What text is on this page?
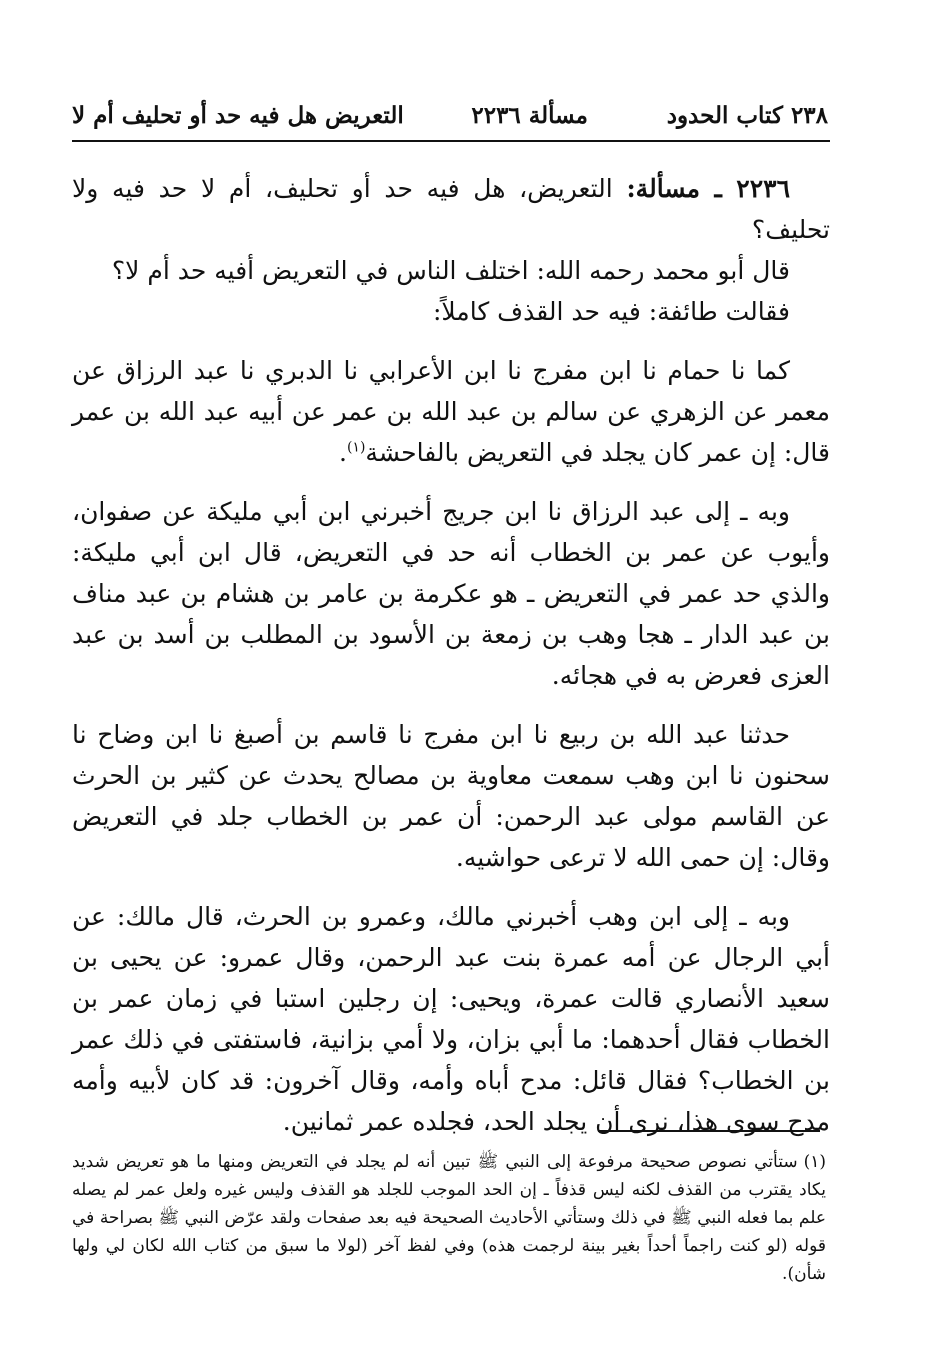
٢٣٨كتاب الحدود
مسألة ٢٢٣٦
التعريض هل فيه حد أو تحليف أم لا

٢٢٣٦ ـ مسألة: التعريض، هل فيه حد أو تحليف، أم لا حد فيه ولا تحليف؟

قال أبو محمد رحمه الله: اختلف الناس في التعريض أفيه حد أم لا؟

فقالت طائفة: فيه حد القذف كاملاً:

كما نا حمام نا ابن مفرج نا ابن الأعرابي نا الدبري نا عبد الرزاق عن معمر عن الزهري عن سالم بن عبد الله بن عمر عن أبيه عبد الله بن عمر قال: إن عمر كان يجلد في التعريض بالفاحشة$^{(١)}$.

وبه ـ إلى عبد الرزاق نا ابن جريج أخبرني ابن أبي مليكة عن صفوان، وأيوب عن عمر بن الخطاب أنه حد في التعريض، قال ابن أبي مليكة: والذي حد عمر في التعريض ـ هو عكرمة بن عامر بن هشام بن عبد مناف بن عبد الدار ـ هجا وهب بن زمعة بن الأسود بن المطلب بن أسد بن عبد العزى فعرض به في هجائه.

حدثنا عبد الله بن ربيع نا ابن مفرج نا قاسم بن أصبغ نا ابن وضاح نا سحنون نا ابن وهب سمعت معاوية بن مصالح يحدث عن كثير بن الحرث عن القاسم مولى عبد الرحمن: أن عمر بن الخطاب جلد في التعريض وقال: إن حمى الله لا ترعى حواشيه.

وبه ـ إلى ابن وهب أخبرني مالك، وعمرو بن الحرث، قال مالك: عن أبي الرجال عن أمه عمرة بنت عبد الرحمن، وقال عمرو: عن يحيى بن سعيد الأنصاري قالت عمرة، ويحيى: إن رجلين استبا في زمان عمر بن الخطاب فقال أحدهما: ما أبي بزان، ولا أمي بزانية، فاستفتى في ذلك عمر بن الخطاب؟ فقال قائل: مدح أباه وأمه، وقال آخرون: قد كان لأبيه وأمه مدح سوى هذا، نرى أن يجلد الحد، فجلده عمر ثمانين.

(١)ستأتي نصوص صحيحة مرفوعة إلى النبي ﷺ تبين أنه لم يجلد في التعريض ومنها ما هو تعريض شديد يكاد يقترب من القذف لكنه ليس قذفاً ـ إن الحد الموجب للجلد هو القذف وليس غيره ولعل عمر لم يصله علم بما فعله النبي ﷺ في ذلك وستأتي الأحاديث الصحيحة فيه بعد صفحات ولقد عرّض النبي ﷺ بصراحة في قوله (لو كنت راجماً أحداً بغير بينة لرجمت هذه) وفي لفظ آخر (لولا ما سبق من كتاب الله لكان لي ولها شأن).
